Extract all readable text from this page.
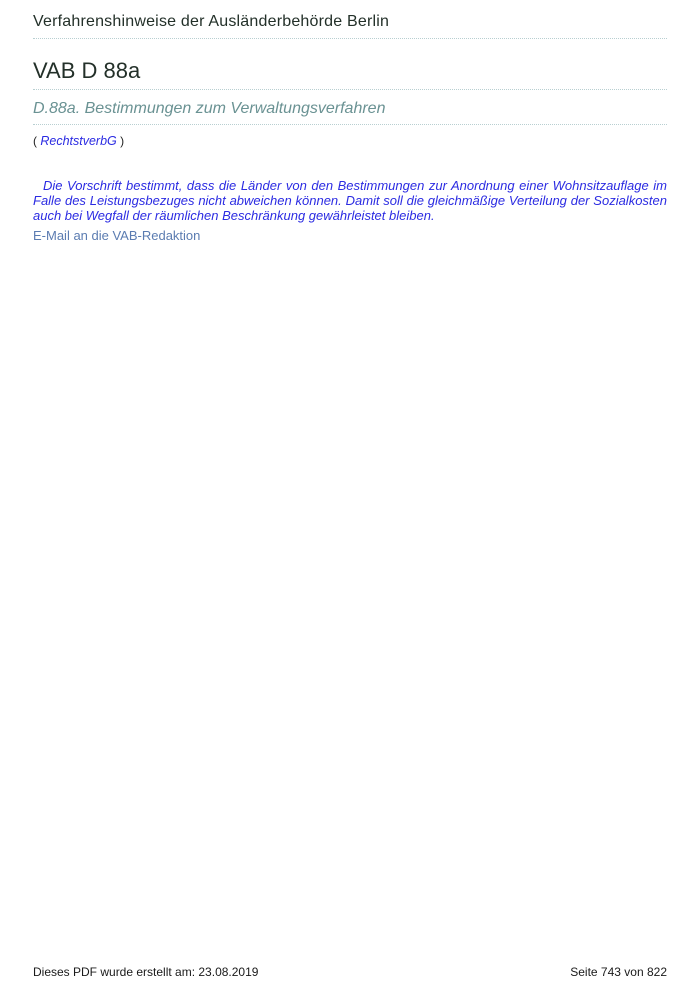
Verfahrenshinweise der Ausländerbehörde Berlin
VAB D 88a
D.88a. Bestimmungen zum Verwaltungsverfahren
( RechtstverbG )

Die Vorschrift bestimmt, dass die Länder von den Bestimmungen zur Anordnung einer Wohnsitzauflage im Falle des Leistungsbezuges nicht abweichen können. Damit soll die gleichmäßige Verteilung der Sozialkosten auch bei Wegfall der räumlichen Beschränkung gewährleistet bleiben.

E-Mail an die VAB-Redaktion
Dieses PDF wurde erstellt am: 23.08.2019	Seite 743 von 822
